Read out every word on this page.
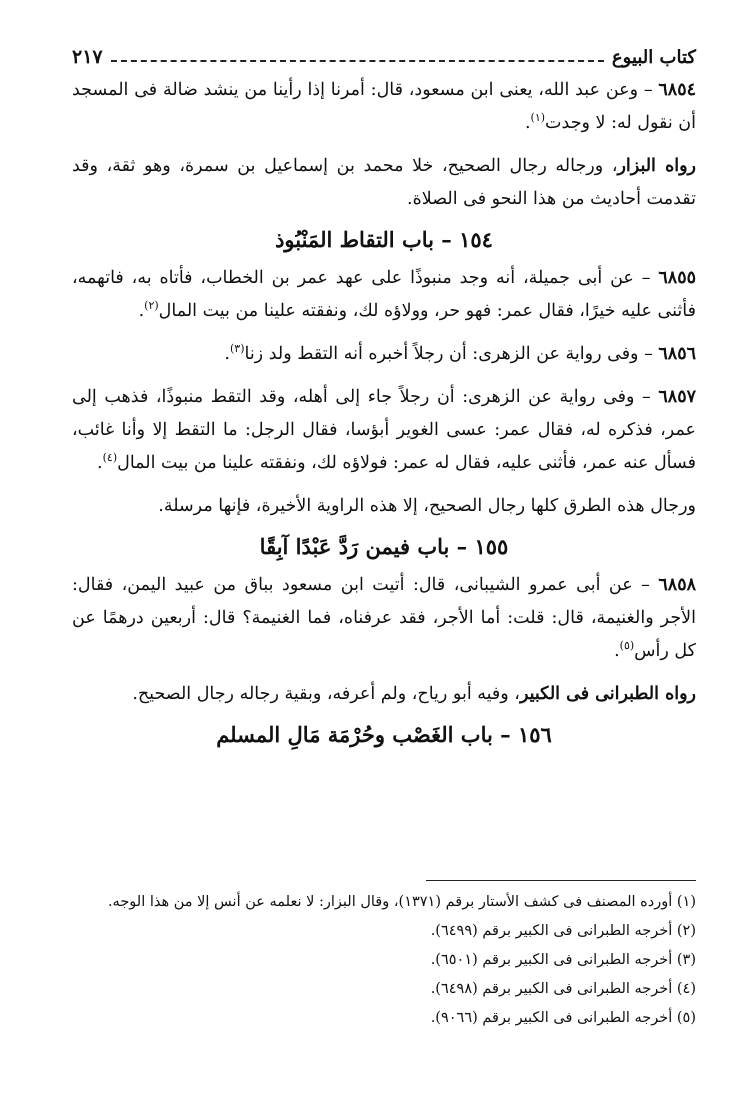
كتاب البيوع
٢١٧

٦٨٥٤ – وعن عبد الله، يعنى ابن مسعود، قال: أمرنا إذا رأينا من ينشد ضالة فى المسجد أن نقول له: لا وجدت$^{(١)}$.

رواه البزار، ورجاله رجال الصحيح، خلا محمد بن إسماعيل بن سمرة، وهو ثقة، وقد تقدمت أحاديث من هذا النحو فى الصلاة.

١٥٤ – باب التقاط المَنْبُوذ

٦٨٥٥ – عن أبى جميلة، أنه وجد منبوذًا على عهد عمر بن الخطاب، فأتاه به، فاتهمه، فأثنى عليه خيرًا، فقال عمر: فهو حر، وولاؤه لك، ونفقته علينا من بيت المال$^{(٢)}$.

٦٨٥٦ – وفى رواية عن الزهرى: أن رجلاً أخبره أنه التقط ولد زنا$^{(٣)}$.

٦٨٥٧ – وفى رواية عن الزهرى: أن رجلاً جاء إلى أهله، وقد التقط منبوذًا، فذهب إلى عمر، فذكره له، فقال عمر: عسى الغوير أبؤسا، فقال الرجل: ما التقط إلا وأنا غائب، فسأل عنه عمر، فأثنى عليه، فقال له عمر: فولاؤه لك، ونفقته علينا من بيت المال$^{(٤)}$.

ورجال هذه الطرق كلها رجال الصحيح، إلا هذه الراوية الأخيرة، فإنها مرسلة.

١٥٥ – باب فيمن رَدَّ عَبْدًا آبِقًا

٦٨٥٨ – عن أبى عمرو الشيبانى، قال: أتيت ابن مسعود بباق من عبيد اليمن، فقال: الأجر والغنيمة، قال: قلت: أما الأجر، فقد عرفناه، فما الغنيمة؟ قال: أربعين درهمًا عن كل رأس$^{(٥)}$.

رواه الطبرانى فى الكبير، وفيه أبو رياح، ولم أعرفه، وبقية رجاله رجال الصحيح.

١٥٦ – باب الغَصْب وحُرْمَة مَالِ المسلم

(١) أورده المصنف فى كشف الأستار برقم (١٣٧١)، وقال البزار: لا نعلمه عن أنس إلا من هذا الوجه.

(٢) أخرجه الطبرانى فى الكبير برقم (٦٤٩٩).

(٣) أخرجه الطبرانى فى الكبير برقم (٦٥٠١).

(٤) أخرجه الطبرانى فى الكبير برقم (٦٤٩٨).

(٥) أخرجه الطبرانى فى الكبير برقم (٩٠٦٦).
